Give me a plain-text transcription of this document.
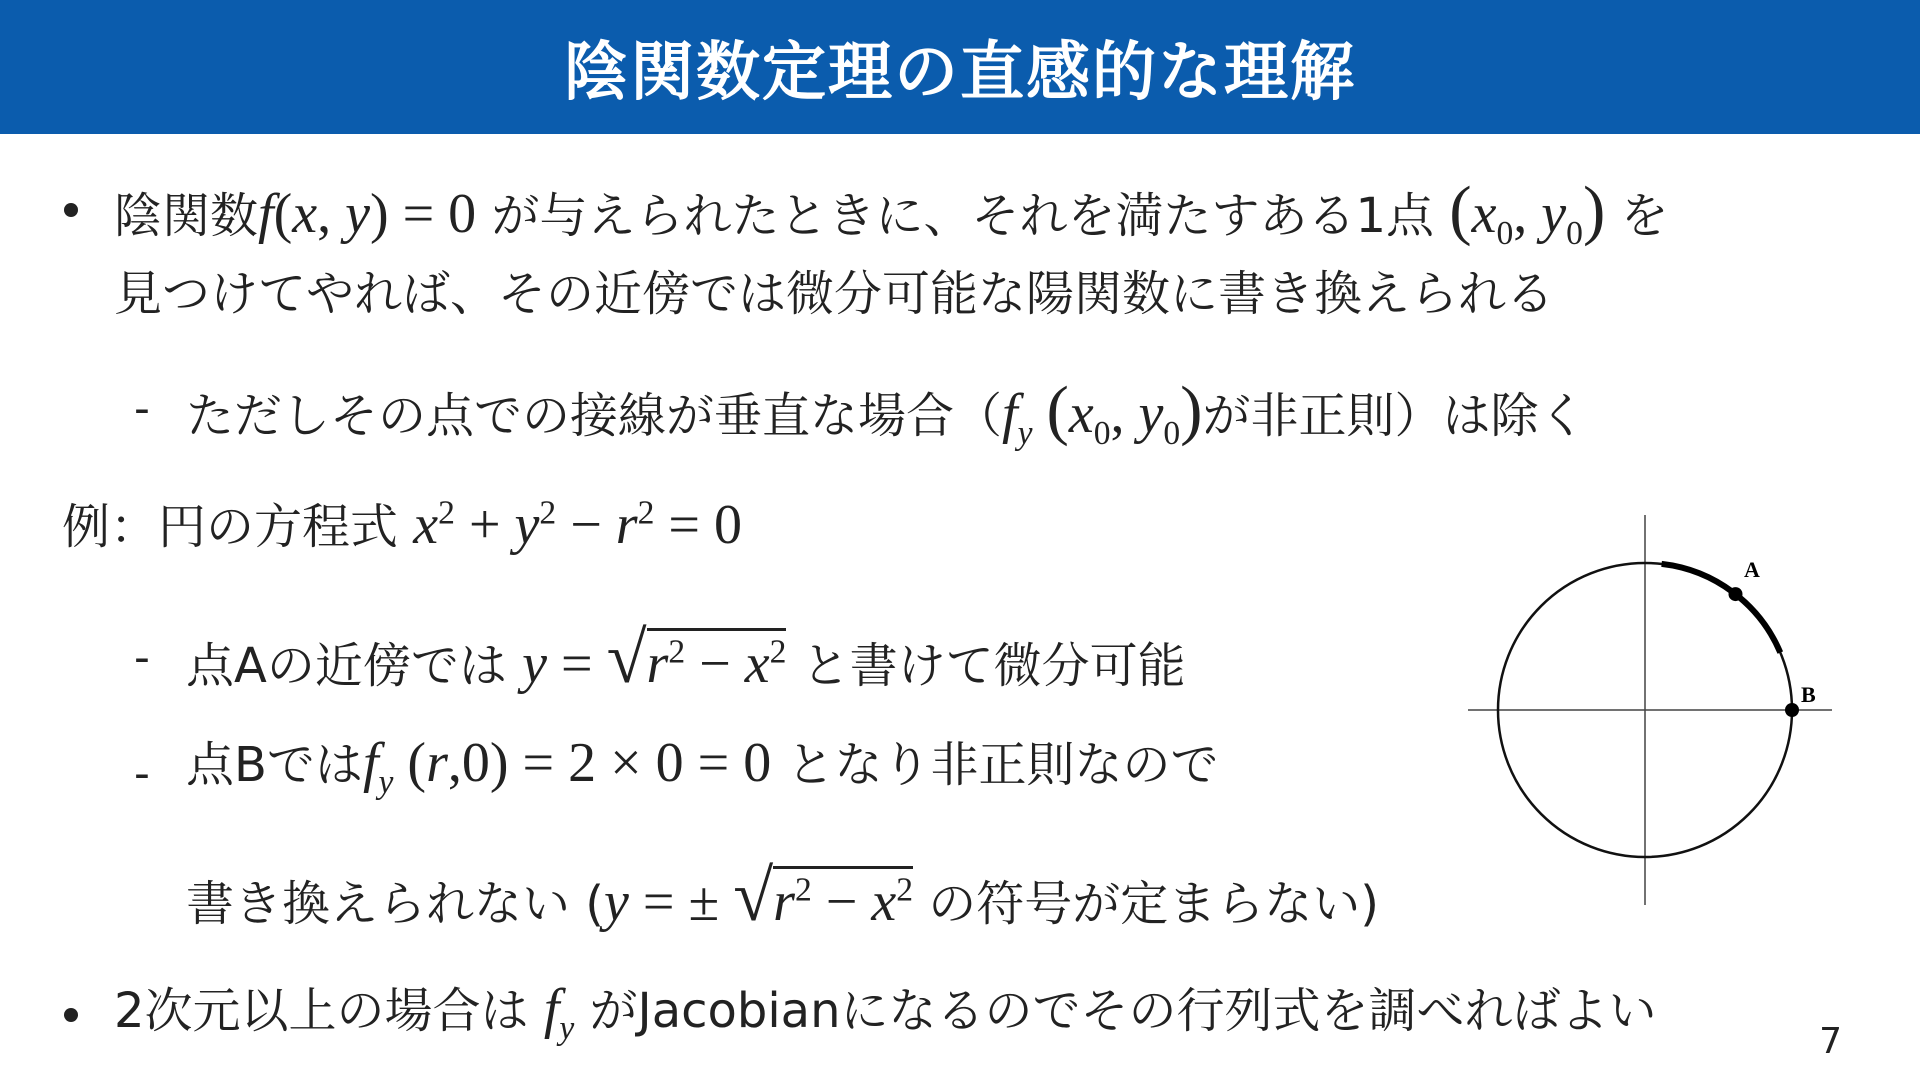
陰関数定理の直感的な理解
陰関数f(x, y) = 0 が与えられたときに、それを満たすある1点 ($x_0$, $y_0$) を
見つけてやれば、その近傍では微分可能な陽関数に書き換えられる
- ただしその点での接線が垂直な場合（$f_y$ ($x_0$, $y_0$)が非正則）は除く
例：円の方程式 $x^2 + y^2 - r^2 = 0$
- 点Aの近傍では $y = √r^2 - x^2$ と書けて微分可能
- 点Bでは$f_y$ (r,0) = 2 × 0 = 0 となり非正則なので
書き換えられない (y = ± $√r^2 - x^2$ の符号が定まらない)
2次元以上の場合は $f_y$ がJacobianになるのでその行列式を調べればよい
A
B
7
